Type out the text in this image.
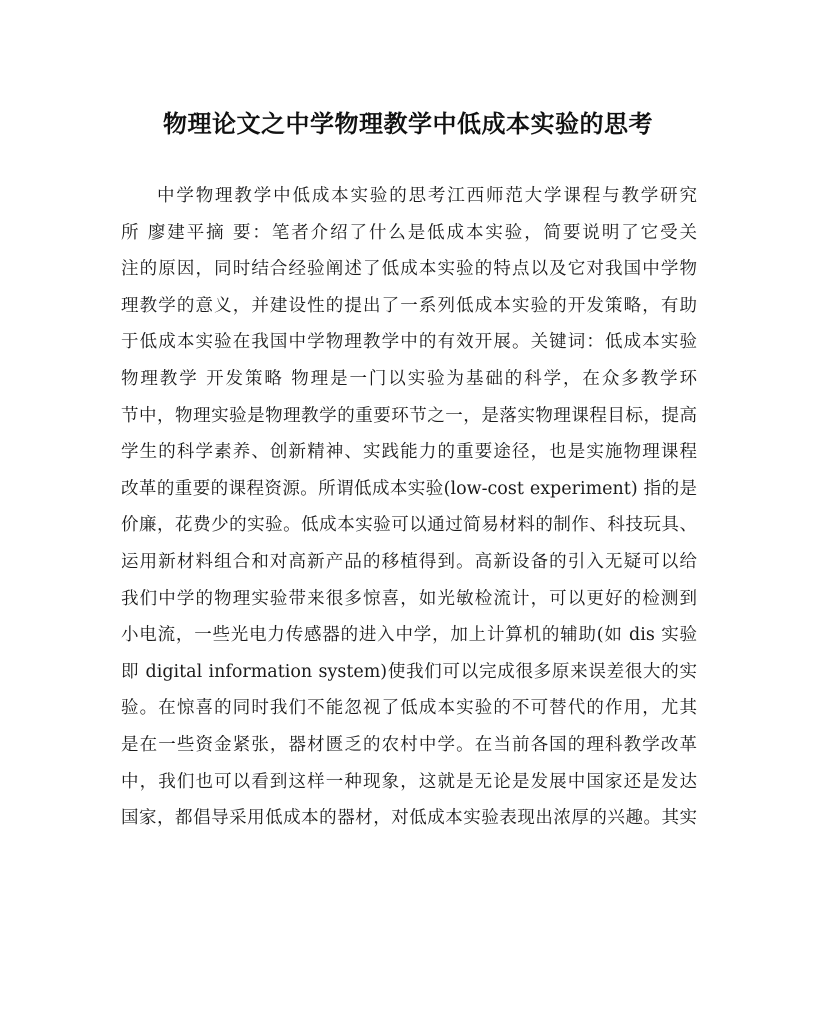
物理论文之中学物理教学中低成本实验的思考
中学物理教学中低成本实验的思考江西师范大学课程与教学研究
所 廖建平摘 要：笔者介绍了什么是低成本实验，简要说明了它受关
注的原因，同时结合经验阐述了低成本实验的特点以及它对我国中学物
理教学的意义，并建设性的提出了一系列低成本实验的开发策略，有助
于低成本实验在我国中学物理教学中的有效开展。关键词：低成本实验
物理教学 开发策略 物理是一门以实验为基础的科学，在众多教学环
节中，物理实验是物理教学的重要环节之一，是落实物理课程目标，提高
学生的科学素养、创新精神、实践能力的重要途径，也是实施物理课程
改革的重要的课程资源。所谓低成本实验(low-cost experiment) 指的是
价廉，花费少的实验。低成本实验可以通过简易材料的制作、科技玩具、
运用新材料组合和对高新产品的移植得到。高新设备的引入无疑可以给
我们中学的物理实验带来很多惊喜，如光敏检流计，可以更好的检测到
小电流，一些光电力传感器的进入中学，加上计算机的辅助(如 dis 实验
即 digital information system)使我们可以完成很多原来误差很大的实
验。在惊喜的同时我们不能忽视了低成本实验的不可替代的作用，尤其
是在一些资金紧张，器材匮乏的农村中学。在当前各国的理科教学改革
中，我们也可以看到这样一种现象，这就是无论是发展中国家还是发达
国家，都倡导采用低成本的器材，对低成本实验表现出浓厚的兴趣。其实
